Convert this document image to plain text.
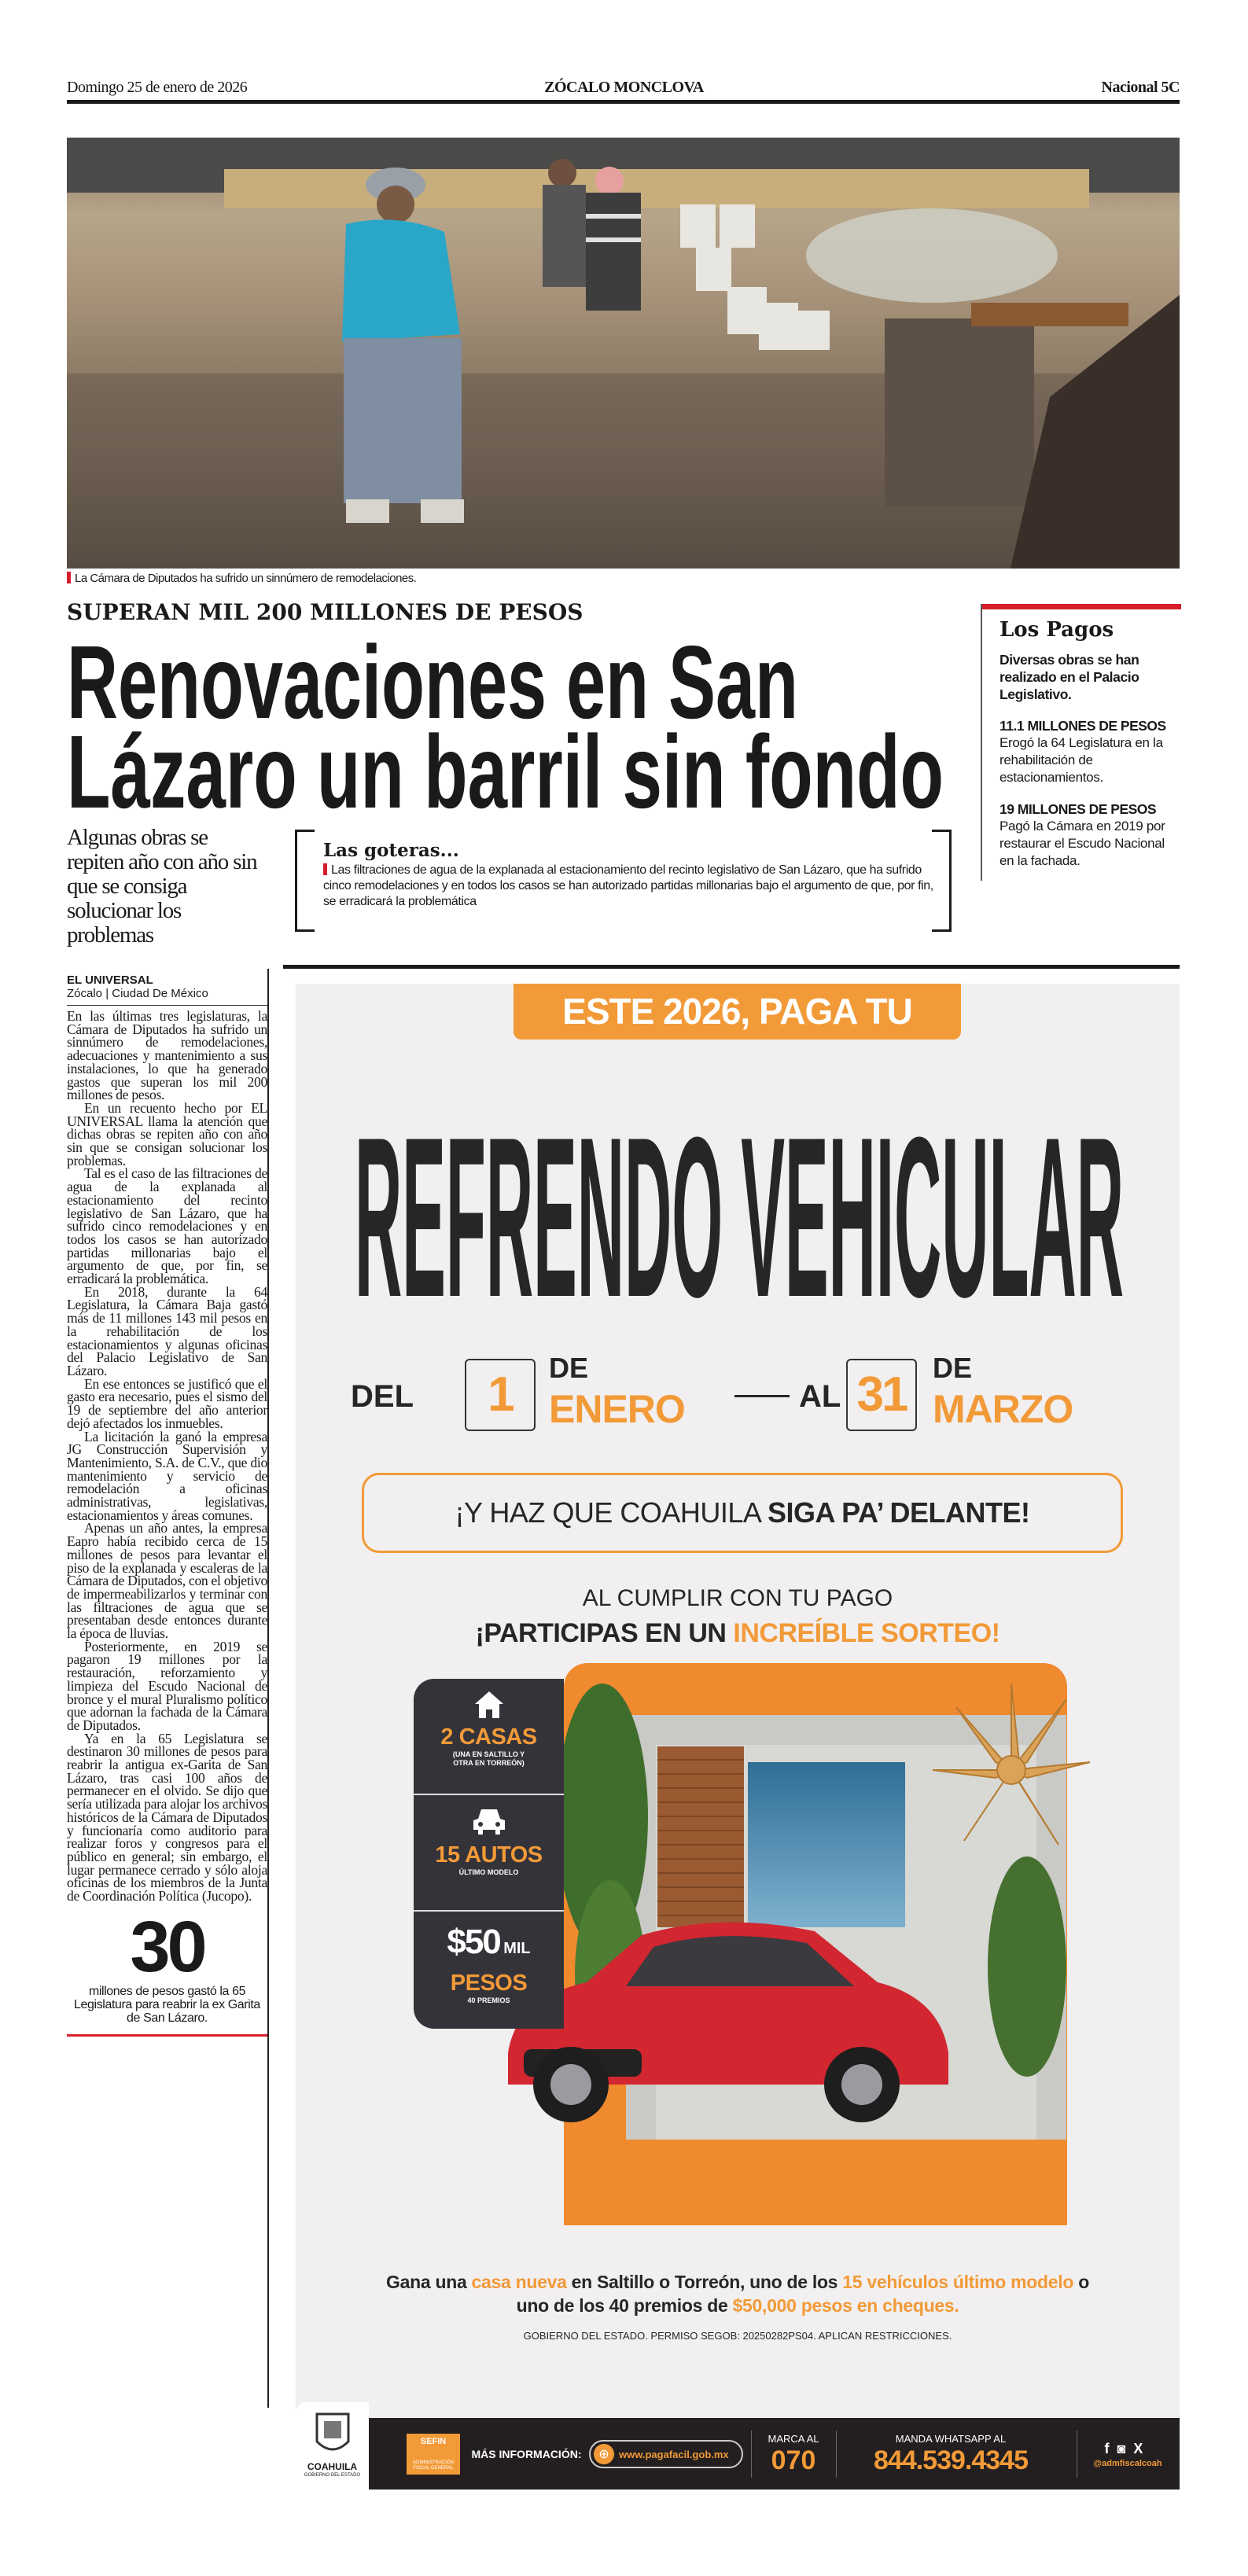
Domingo 25 de enero de 2026	ZÓCALO MONCLOVA	Nacional 5C
La Cámara de Diputados ha sufrido un sinnúmero de remodelaciones.
SUPERAN MIL 200 MILLONES DE PESOS
Renovaciones en San
Lázaro un barril sin fondo
Algunas obras se repiten año con año sin que se consiga solucionar los problemas
Las goteras...

Las filtraciones de agua de la explanada al estacionamiento del recinto legislativo de San Lázaro, que ha sufrido cinco remodelaciones y en todos los casos se han autorizado partidas millonarias bajo el argumento de que, por fin, se erradicará la problemática

Los Pagos
Diversas obras se han realizado en el Palacio Legislativo.
11.1 MILLONES DE PESOS
Erogó la 64 Legislatura en la rehabilitación de estacionamientos.
19 MILLONES DE PESOS
Pagó la Cámara en 2019 por restaurar el Escudo Nacional en la fachada.
EL UNIVERSAL
Zócalo | Ciudad De México

En las últimas tres legislaturas, la Cámara de Diputados ha sufrido un sinnúmero de remodelaciones, adecuaciones y mantenimiento a sus instalaciones, lo que ha generado gastos que superan los mil 200 millones de pesos.

En un recuento hecho por EL UNIVERSAL llama la atención que dichas obras se repiten año con año sin que se consigan solucionar los problemas.

Tal es el caso de las filtraciones de agua de la explanada al estacionamiento del recinto legislativo de San Lázaro, que ha sufrido cinco remodelaciones y en todos los casos se han autorizado partidas millonarias bajo el argumento de que, por fin, se erradicará la problemática.

En 2018, durante la 64 Legislatura, la Cámara Baja gastó más de 11 millones 143 mil pesos en la rehabilitación de los estacionamientos y algunas oficinas del Palacio Legislativo de San Lázaro.

En ese entonces se justificó que el gasto era necesario, pues el sismo del 19 de septiembre del año anterior dejó afectados los inmuebles.

La licitación la ganó la empresa JG Construcción Supervisión y Mantenimiento, S.A. de C.V., que dio mantenimiento y servicio de remodelación a oficinas administrativas, legislativas, estacionamientos y áreas comunes.

Apenas un año antes, la empresa Eapro había recibido cerca de 15 millones de pesos para levantar el piso de la explanada y escaleras de la Cámara de Diputados, con el objetivo de impermeabilizarlos y terminar con las filtraciones de agua que se presentaban desde entonces durante la época de lluvias.

Posteriormente, en 2019 se pagaron 19 millones por la restauración, reforzamiento y limpieza del Escudo Nacional de bronce y el mural Pluralismo político que adornan la fachada de la Cámara de Diputados.

Ya en la 65 Legislatura se destinaron 30 millones de pesos para reabrir la antigua ex-Garita de San Lázaro, tras casi 100 años de permanecer en el olvido. Se dijo que sería utilizada para alojar los archivos históricos de la Cámara de Diputados y funcionaría como auditorio para realizar foros y congresos para el público en general; sin embargo, el lugar permanece cerrado y sólo aloja oficinas de los miembros de la Junta de Coordinación Política (Jucopo).

30
millones de pesos gastó la 65 Legislatura para reabrir la ex Garita de San Lázaro.
ESTE 2026, PAGA TU
REFRENDO VEHICULAR
DEL	1	DE
ENERO	AL 31 DE
MARZO
¡Y HAZ QUE COAHUILA SIGA PA’ DELANTE!
AL CUMPLIR CON TU PAGO
¡PARTICIPAS EN UN INCREÍBLE SORTEO!
2 CASAS
(UNA EN SALTILLO Y OTRA EN TORREÓN)
15 AUTOS
ÚLTIMO MODELO
$50 MIL
PESOS
40 PREMIOS
Gana una casa nueva en Saltillo o Torreón, uno de los 15 vehículos último modelo o uno de los 40 premios de $50,000 pesos en cheques.
GOBIERNO DEL ESTADO. PERMISO SEGOB: 20250282PS04. APLICAN RESTRICCIONES.
COAHUILA
GOBIERNO DEL ESTADO
SEFIN
ADMINISTRACIÓN FISCAL GENERAL
MÁS INFORMACIÓN:	⊕ www.pagafacil.gob.mx
MARCA AL
070
MANDA WHATSAPP AL
844.539.4345	f◙X
@admfiscalcoah
